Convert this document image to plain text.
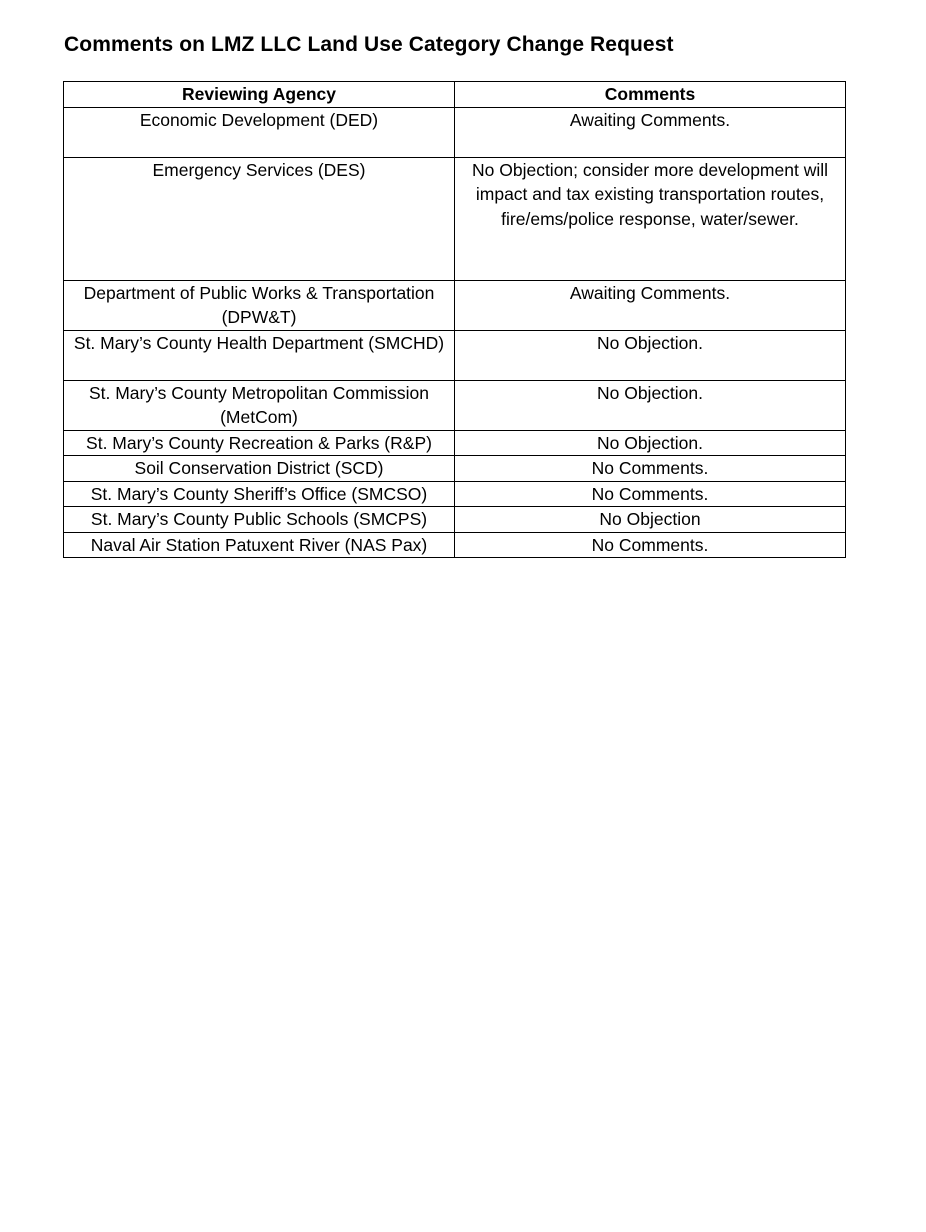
Comments on LMZ LLC Land Use Category Change Request
Reviewing Agency	Comments
Economic Development (DED)	Awaiting Comments.
Emergency Services (DES)	No Objection; consider more development will impact and tax existing transportation routes, fire/ems/police response, water/sewer.
Department of Public Works & Transportation (DPW&T)	Awaiting Comments.
St. Mary’s County Health Department (SMCHD)	No Objection.
St. Mary’s County Metropolitan Commission (MetCom)	No Objection.
St. Mary’s County Recreation & Parks (R&P)	No Objection.
Soil Conservation District (SCD)	No Comments.
St. Mary’s County Sheriff’s Office (SMCSO)	No Comments.
St. Mary’s County Public Schools (SMCPS)	No Objection
Naval Air Station Patuxent River (NAS Pax)	No Comments.
